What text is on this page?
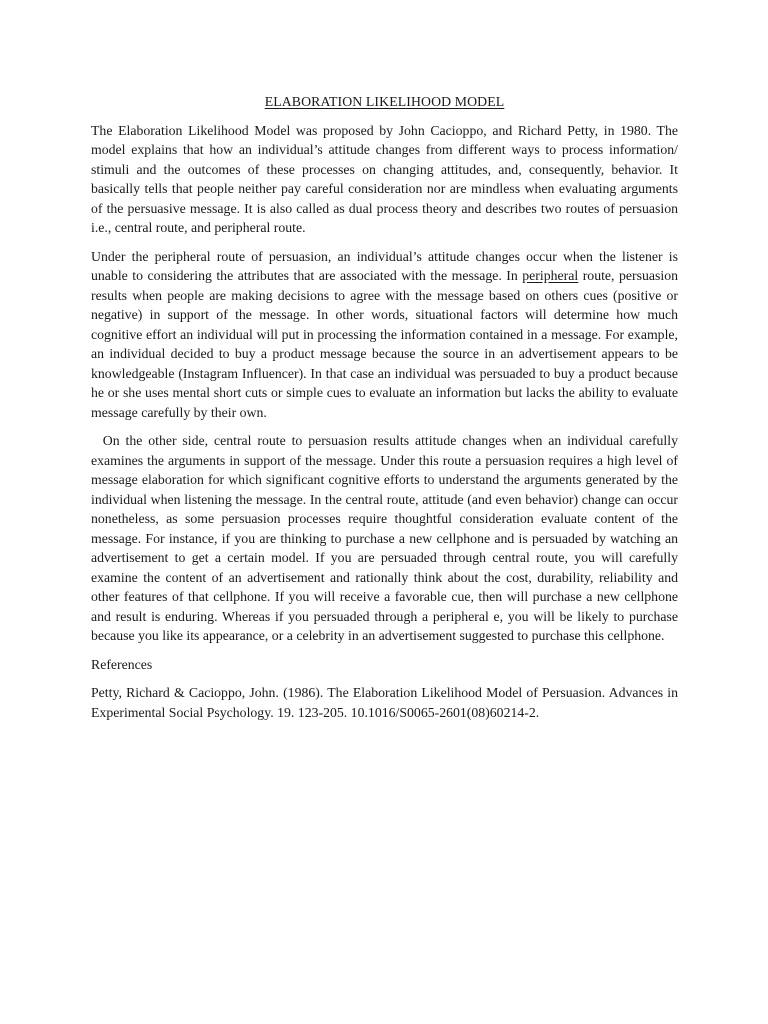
ELABORATION LIKELIHOOD MODEL

The Elaboration Likelihood Model was proposed by John Cacioppo, and Richard Petty, in 1980. The model explains that how an individual’s attitude changes from different ways to process information/ stimuli and the outcomes of these processes on changing attitudes, and, consequently, behavior. It basically tells that people neither pay careful consideration nor are mindless when evaluating arguments of the persuasive message. It is also called as dual process theory and describes two routes of persuasion i.e., central route, and peripheral route.

Under the peripheral route of persuasion, an individual’s attitude changes occur when the listener is unable to considering the attributes that are associated with the message. In peripheral route, persuasion results when people are making decisions to agree with the message based on others cues (positive or negative) in support of the message. In other words, situational factors will determine how much cognitive effort an individual will put in processing the information contained in a message. For example, an individual decided to buy a product message because the source in an advertisement appears to be knowledgeable (Instagram Influencer). In that case an individual was persuaded to buy a product because he or she uses mental short cuts or simple cues to evaluate an information but lacks the ability to evaluate message carefully by their own.

On the other side, central route to persuasion results attitude changes when an individual carefully examines the arguments in support of the message. Under this route a persuasion requires a high level of message elaboration for which significant cognitive efforts to understand the arguments generated by the individual when listening the message. In the central route, attitude (and even behavior) change can occur nonetheless, as some persuasion processes require thoughtful consideration evaluate content of the message. For instance, if you are thinking to purchase a new cellphone and is persuaded by watching an advertisement to get a certain model. If you are persuaded through central route, you will carefully examine the content of an advertisement and rationally think about the cost, durability, reliability and other features of that cellphone. If you will receive a favorable cue, then will purchase a new cellphone and result is enduring. Whereas if you persuaded through a peripheral e, you will be likely to purchase because you like its appearance, or a celebrity in an advertisement suggested to purchase this cellphone.

References

Petty, Richard & Cacioppo, John. (1986). The Elaboration Likelihood Model of Persuasion. Advances in Experimental Social Psychology. 19. 123-205. 10.1016/S0065-2601(08)60214-2.
